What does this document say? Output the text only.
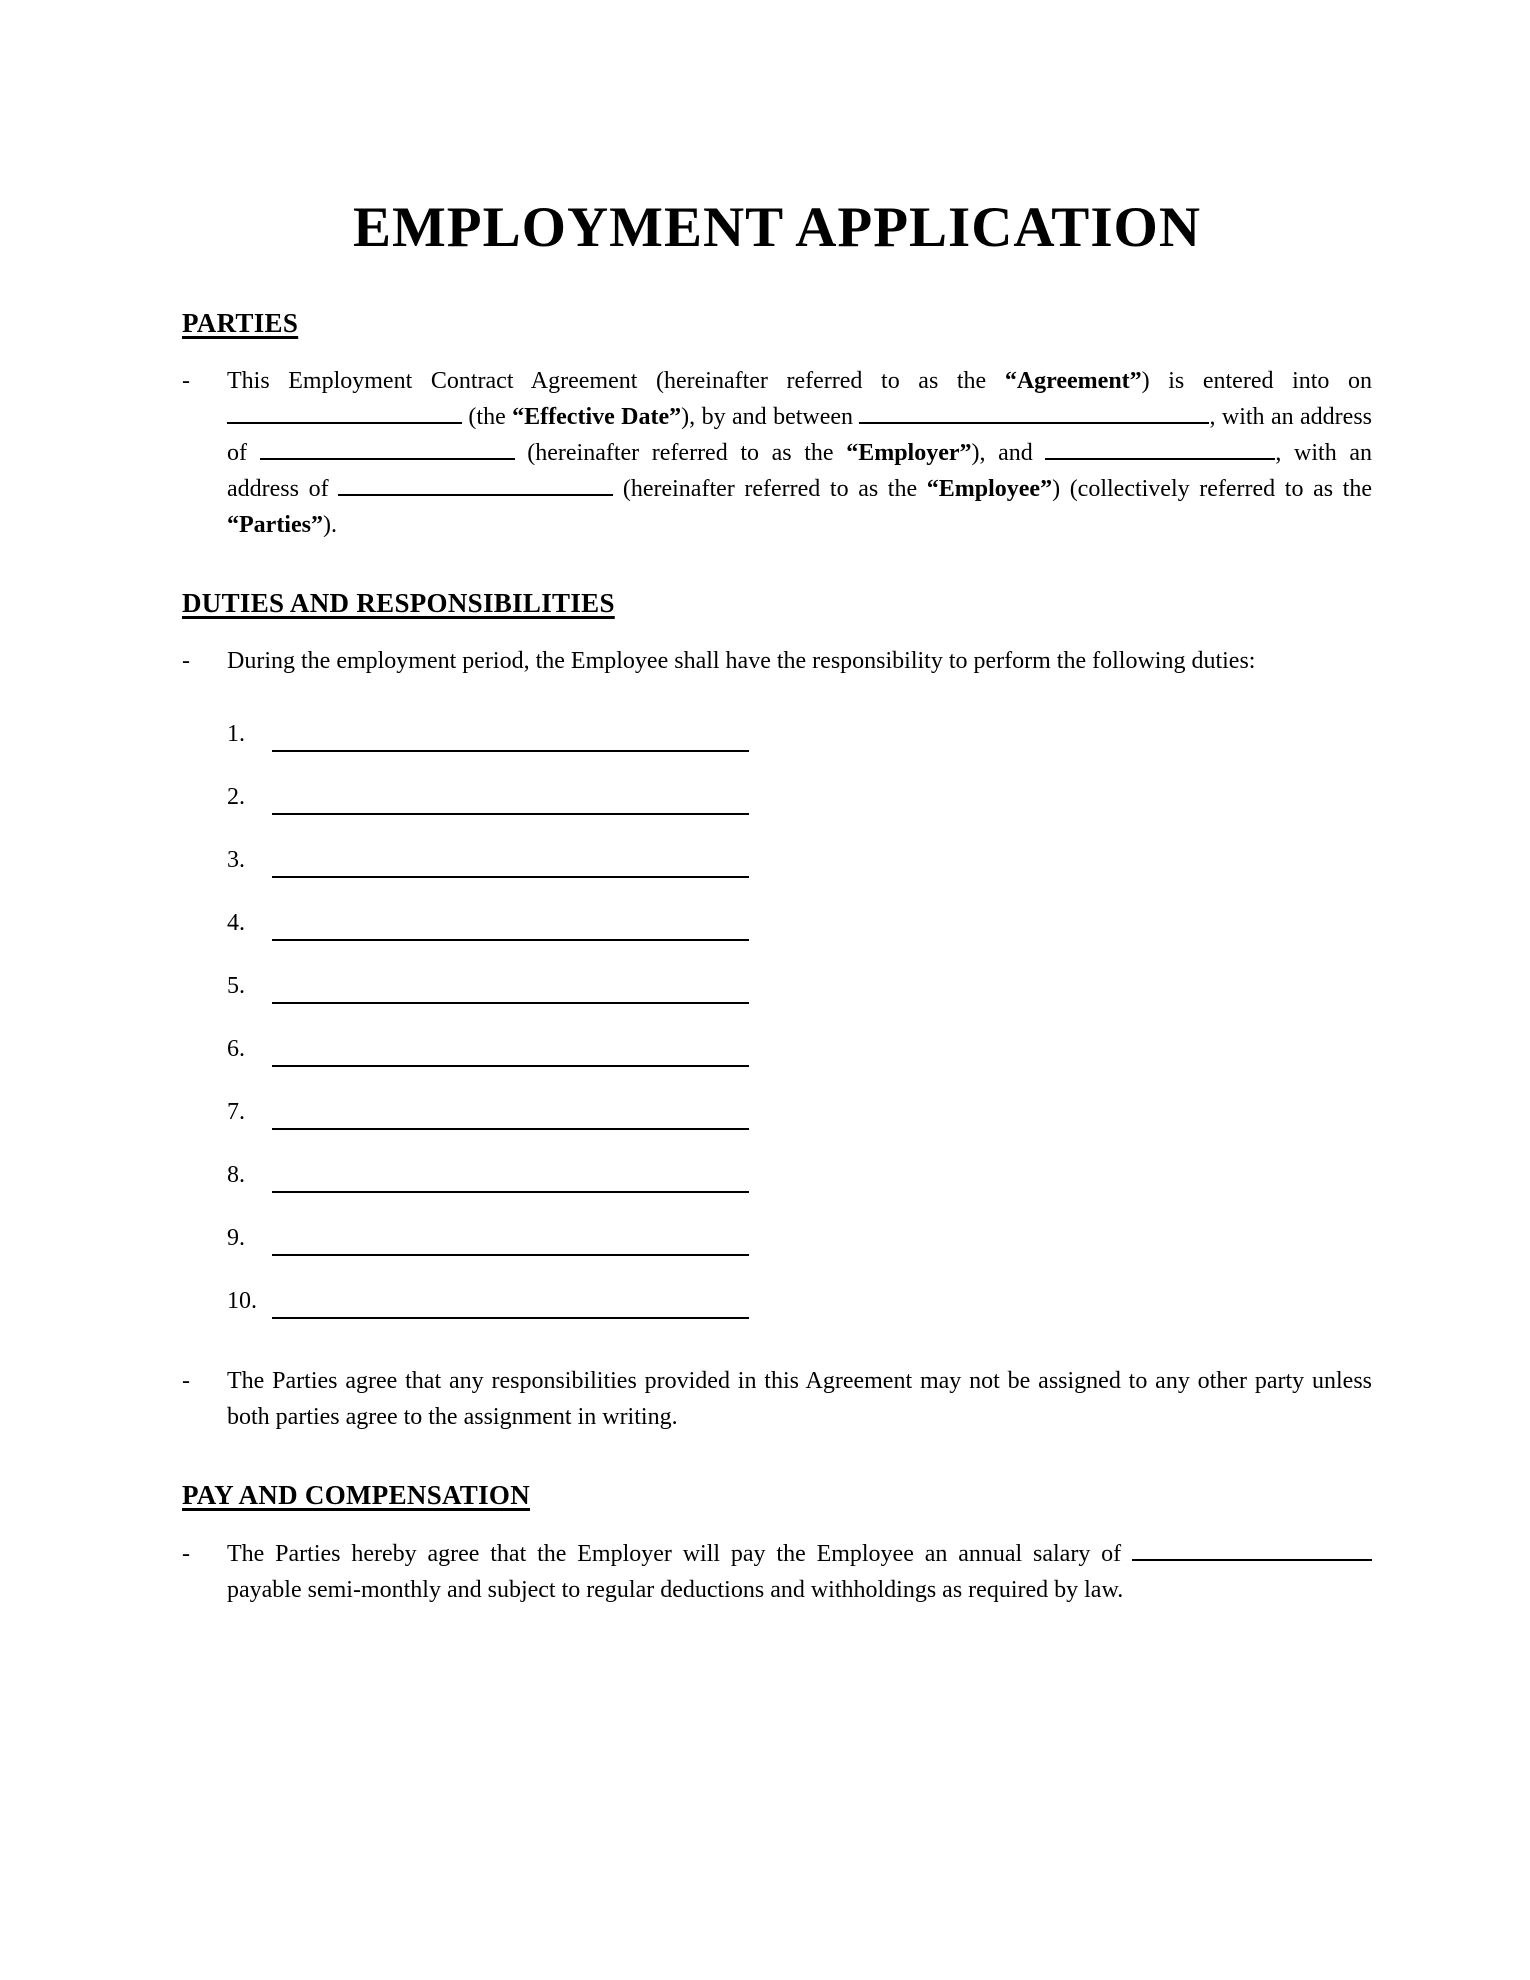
EMPLOYMENT APPLICATION
PARTIES
- This Employment Contract Agreement (hereinafter referred to as the “Agreement”) is entered into on  (the “Effective Date”), by and between	, with an address of	(hereinafter referred to as the “Employer”), and	, with an address of	(hereinafter referred to as the “Employee”) (collectively referred to as the “Parties”).
DUTIES AND RESPONSIBILITIES
- During the employment period, the Employee shall have the responsibility to perform the following duties:
1.
2.
3.
4.
5.
6.
7.
8.
9.
10.
- The Parties agree that any responsibilities provided in this Agreement may not be assigned to any other party unless both parties agree to the assignment in writing.
PAY AND COMPENSATION
- The Parties hereby agree that the Employer will pay the Employee an annual salary of  payable semi-monthly and subject to regular deductions and withholdings as required by law.
